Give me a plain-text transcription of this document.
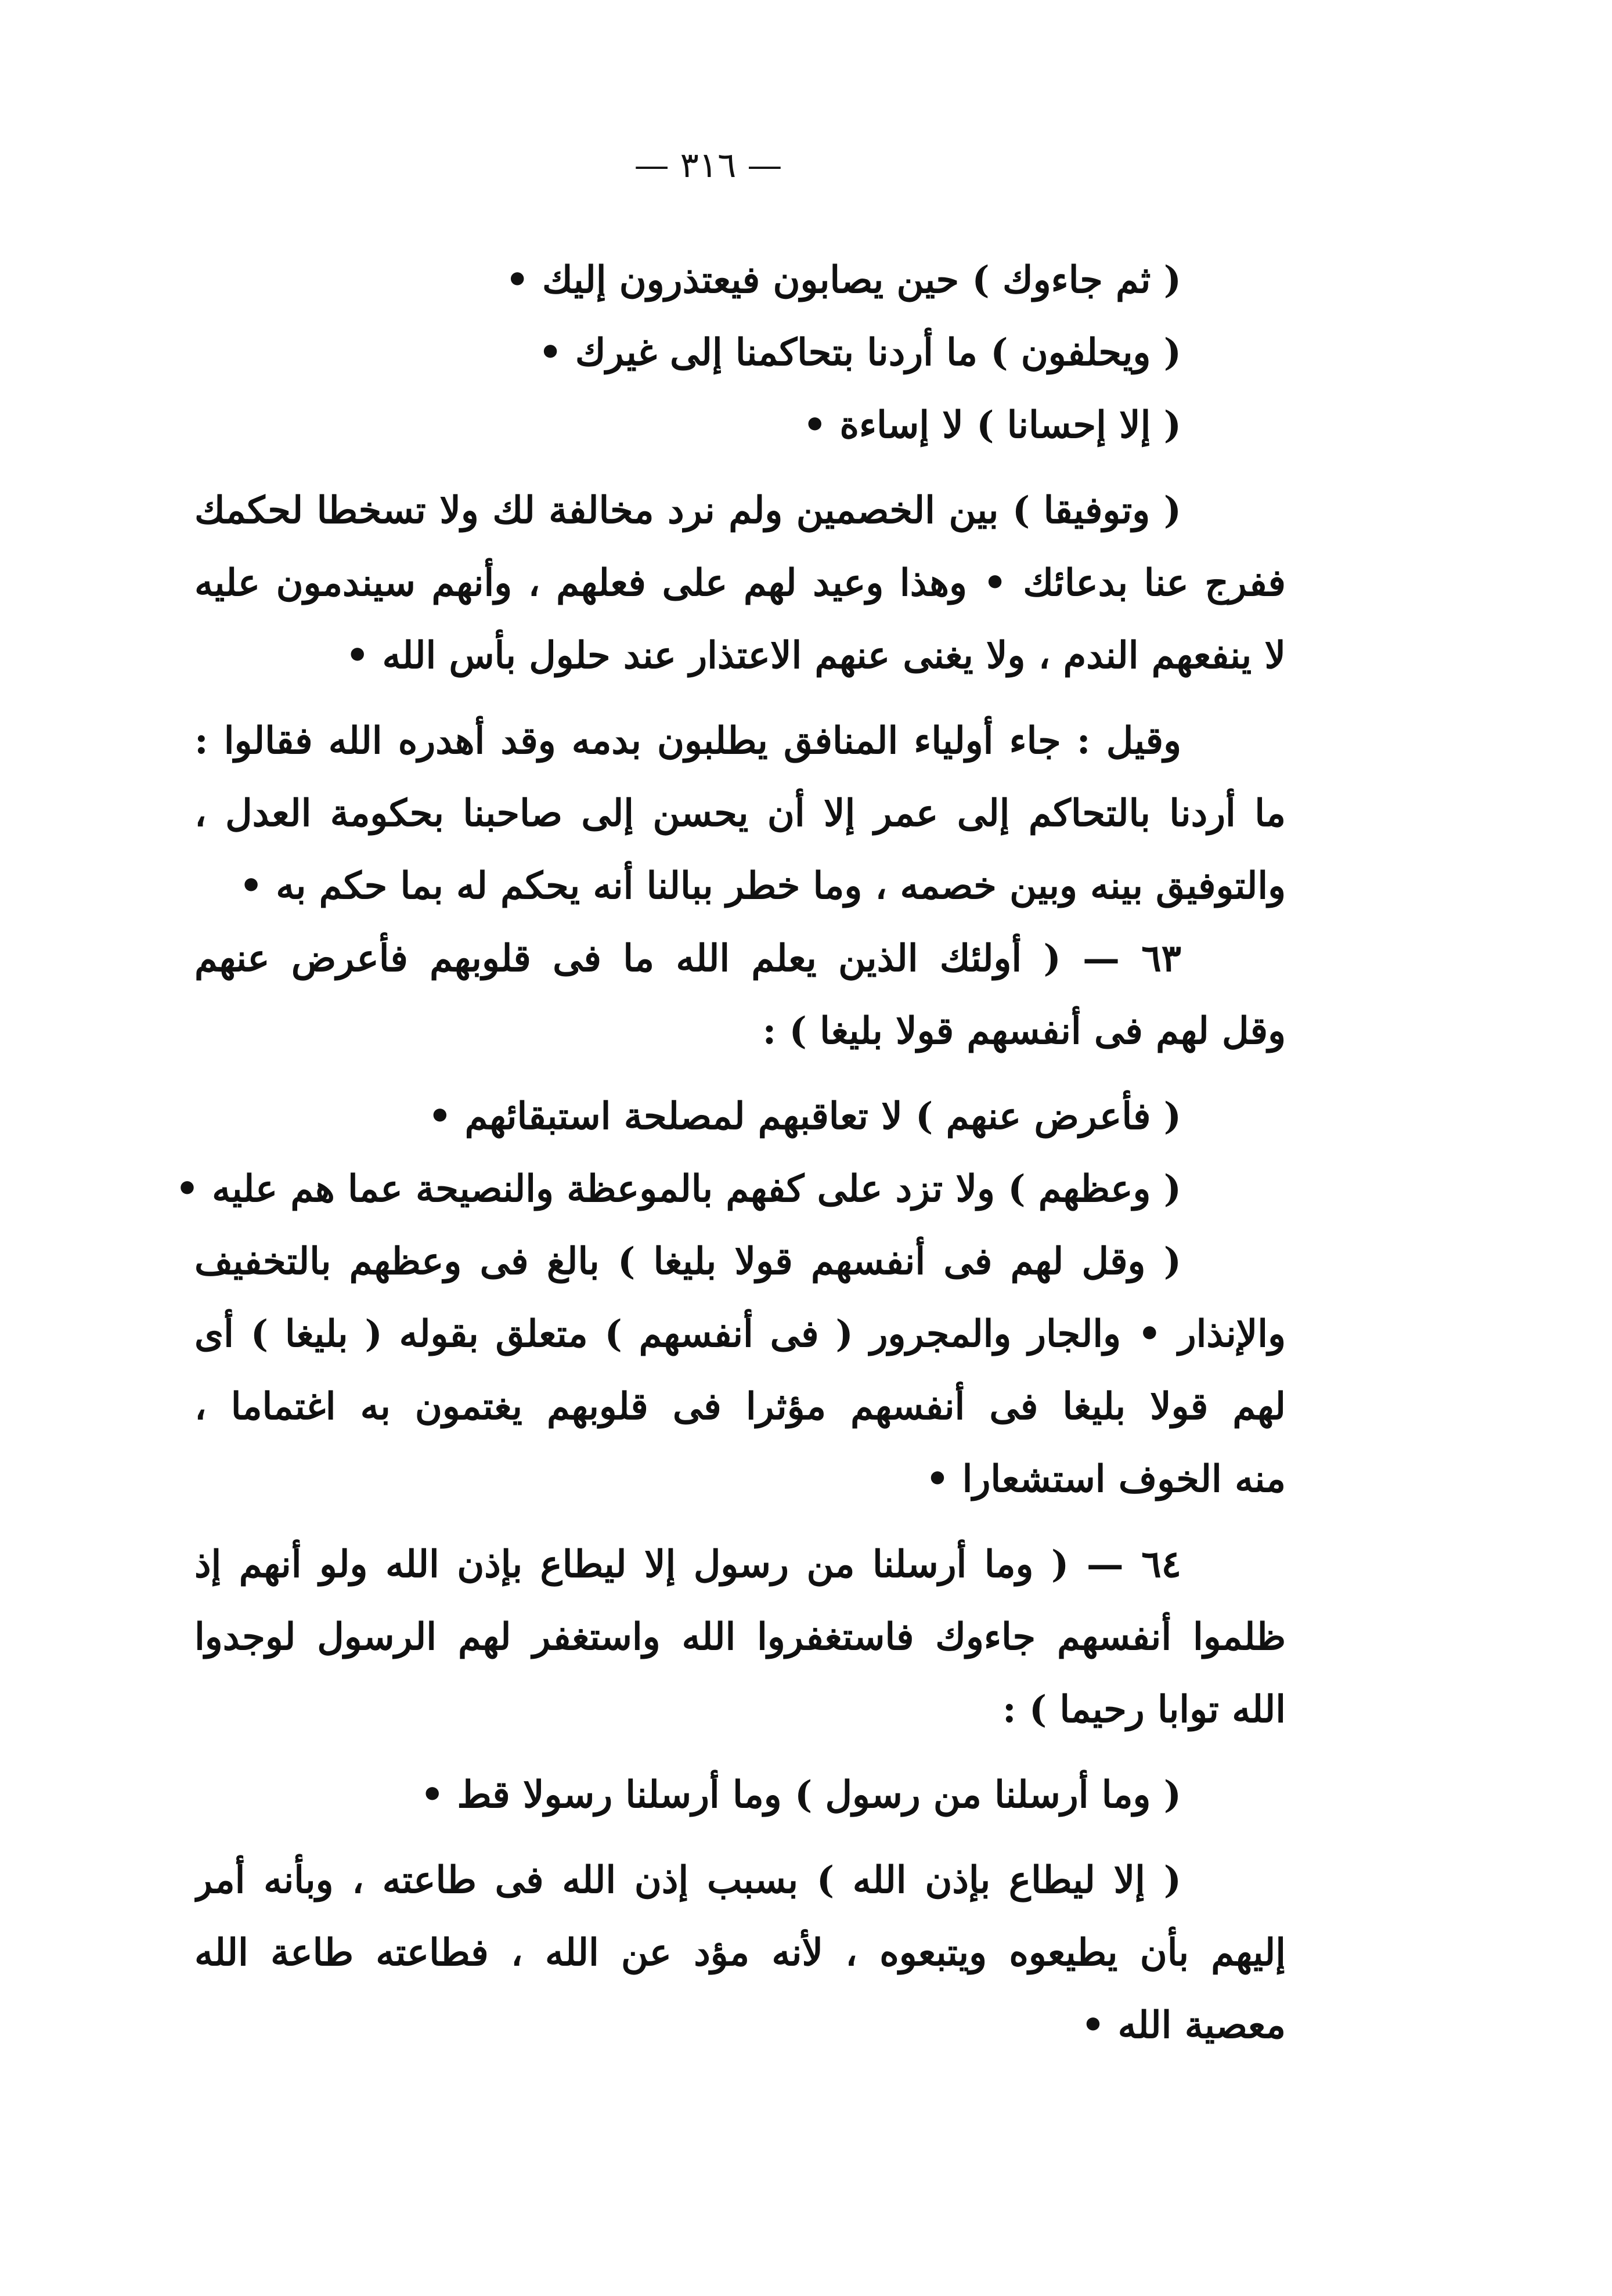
— ٣١٦ —

( ثم جاءوك ) حين يصابون فيعتذرون إليك •

( ويحلفون ) ما أردنا بتحاكمنا إلى غيرك •

( إلا إحسانا ) لا إساءة •

( وتوفيقا ) بين الخصمين ولم نرد مخالفة لك ولا تسخطا لحكمك

ففرج عنا بدعائك • وهذا وعيد لهم على فعلهم ، وأنهم سيندمون عليه

لا ينفعهم الندم ، ولا يغنى عنهم الاعتذار عند حلول بأس الله •

وقيل : جاء أولياء المنافق يطلبون بدمه وقد أهدره الله فقالوا :

ما أردنا بالتحاكم إلى عمر إلا أن يحسن إلى صاحبنا بحكومة العدل ،

والتوفيق بينه وبين خصمه ، وما خطر ببالنا أنه يحكم له بما حكم به •

٦٣ — ( أولئك الذين يعلم الله ما فى قلوبهم فأعرض عنهم

وقل لهم فى أنفسهم قولا بليغا ) :

( فأعرض عنهم ) لا تعاقبهم لمصلحة استبقائهم •

( وعظهم ) ولا تزد على كفهم بالموعظة والنصيحة عما هم عليه •

( وقل لهم فى أنفسهم قولا بليغا ) بالغ فى وعظهم بالتخفيف

والإنذار • والجار والمجرور ( فى أنفسهم ) متعلق بقوله ( بليغا ) أى

لهم قولا بليغا فى أنفسهم مؤثرا فى قلوبهم يغتمون به اغتماما ،

منه الخوف استشعارا •

٦٤ — ( وما أرسلنا من رسول إلا ليطاع بإذن الله ولو أنهم إذ

ظلموا أنفسهم جاءوك فاستغفروا الله واستغفر لهم الرسول لوجدوا

الله توابا رحيما ) :

( وما أرسلنا من رسول ) وما أرسلنا رسولا قط •

( إلا ليطاع بإذن الله ) بسبب إذن الله فى طاعته ، وبأنه أمر

إليهم بأن يطيعوه ويتبعوه ، لأنه مؤد عن الله ، فطاعته طاعة الله

معصية الله •
